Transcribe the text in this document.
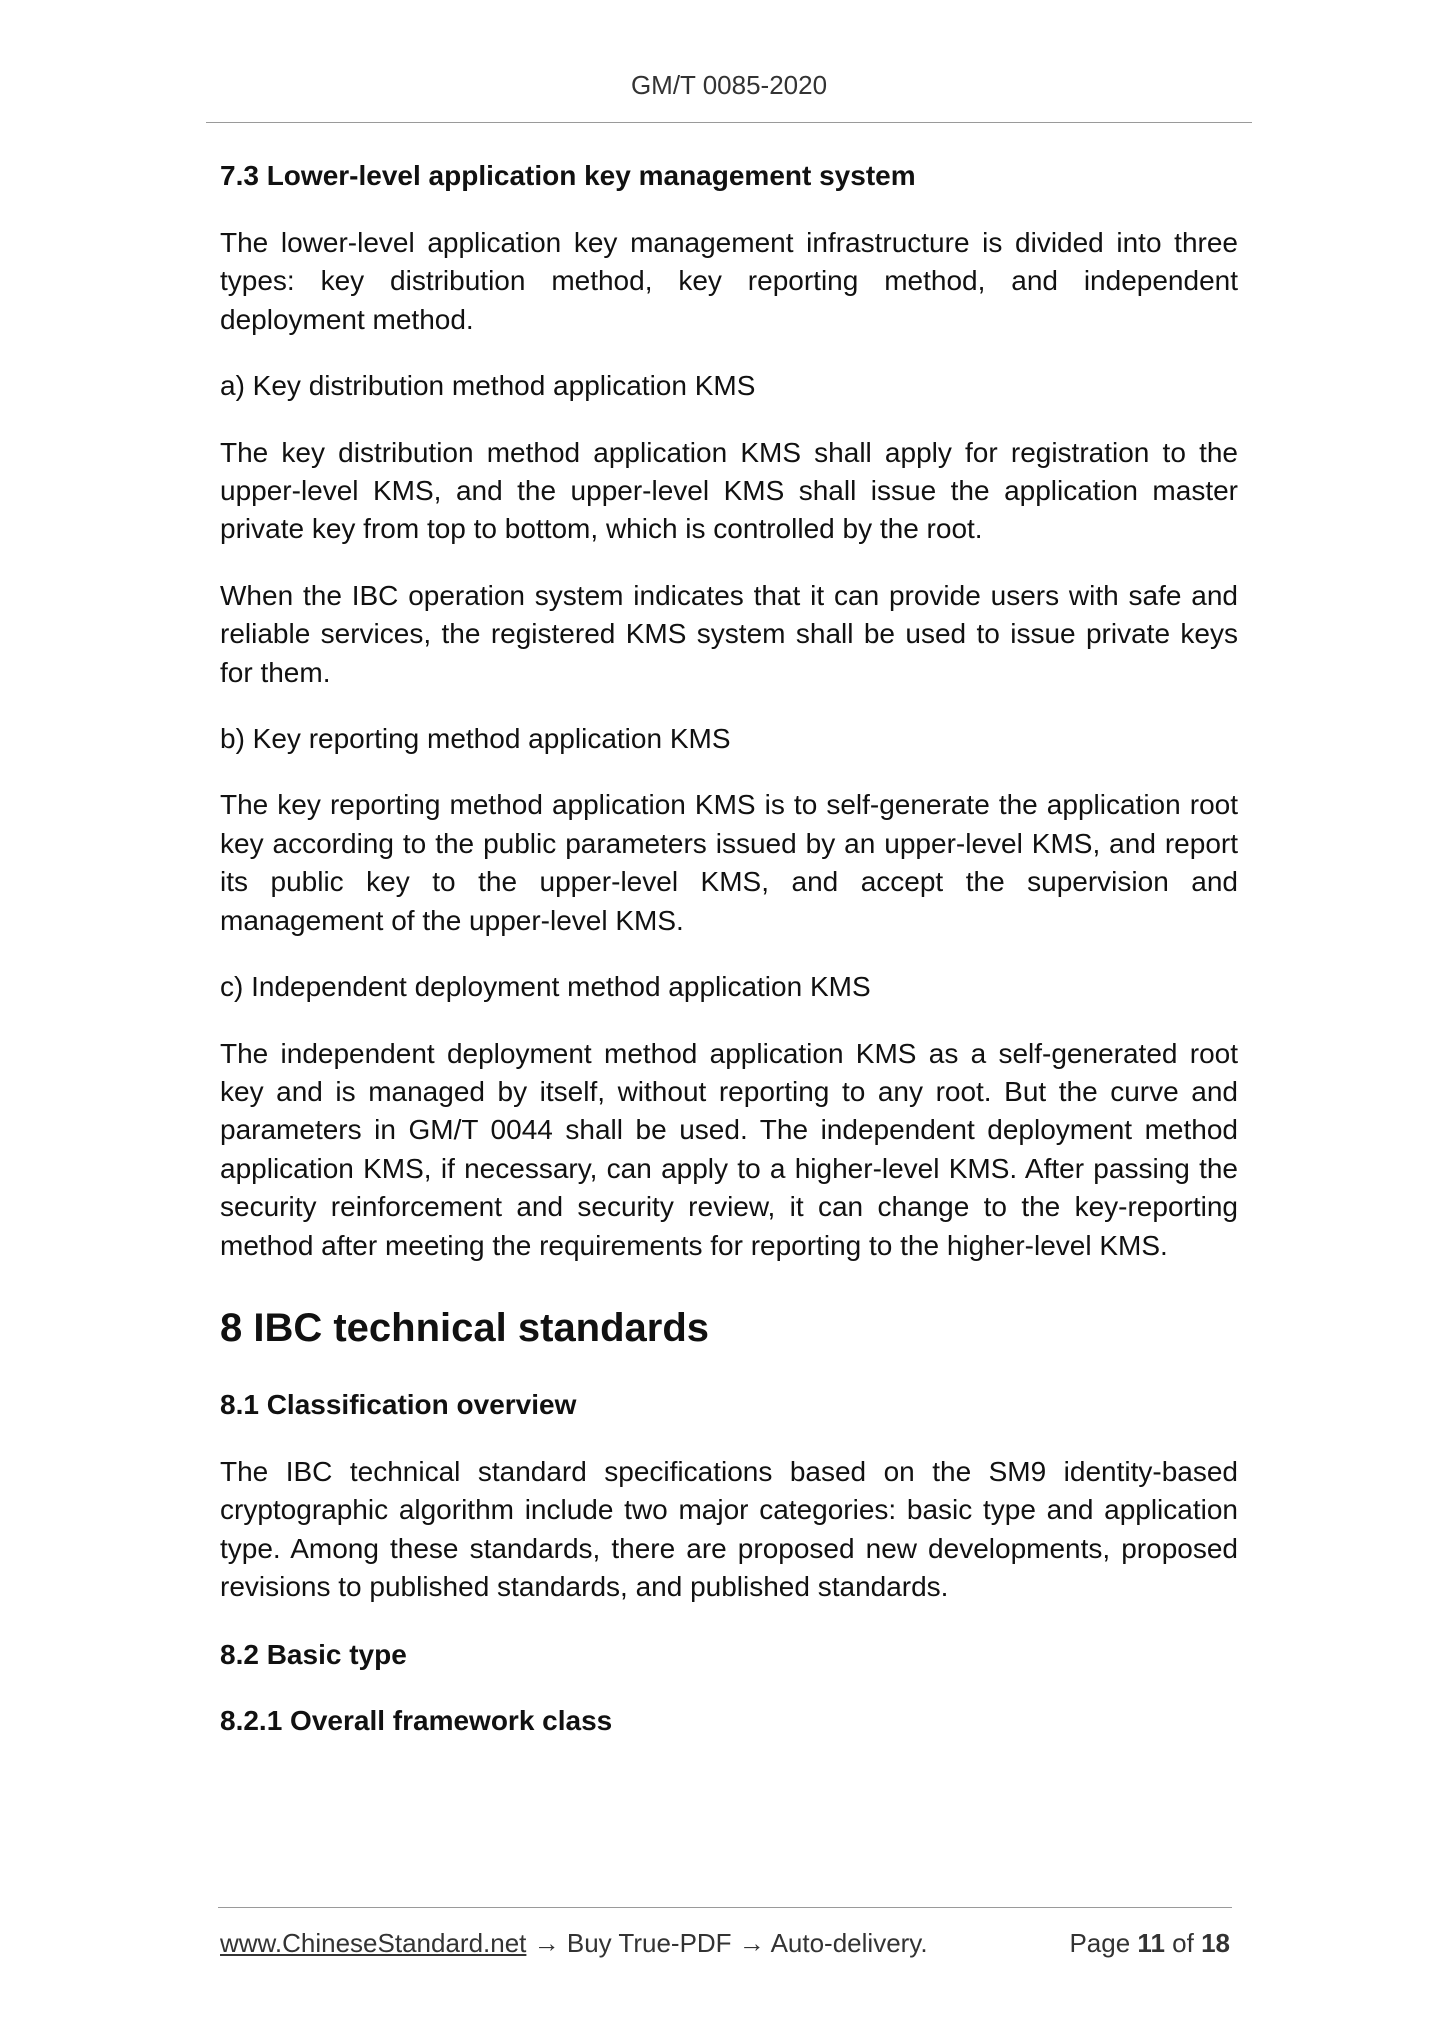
GM/T 0085-2020
7.3 Lower-level application key management system

The lower-level application key management infrastructure is divided into three types: key distribution method, key reporting method, and independent deployment method.

a) Key distribution method application KMS

The key distribution method application KMS shall apply for registration to the upper-level KMS, and the upper-level KMS shall issue the application master private key from top to bottom, which is controlled by the root.

When the IBC operation system indicates that it can provide users with safe and reliable services, the registered KMS system shall be used to issue private keys for them.

b) Key reporting method application KMS

The key reporting method application KMS is to self-generate the application root key according to the public parameters issued by an upper-level KMS, and report its public key to the upper-level KMS, and accept the supervision and management of the upper-level KMS.

c) Independent deployment method application KMS

The independent deployment method application KMS as a self-generated root key and is managed by itself, without reporting to any root. But the curve and parameters in GM/T 0044 shall be used. The independent deployment method application KMS, if necessary, can apply to a higher-level KMS. After passing the security reinforcement and security review, it can change to the key-reporting method after meeting the requirements for reporting to the higher-level KMS.

8 IBC technical standards
8.1 Classification overview

The IBC technical standard specifications based on the SM9 identity-based cryptographic algorithm include two major categories: basic type and application type. Among these standards, there are proposed new developments, proposed revisions to published standards, and published standards.

8.2 Basic type
8.2.1 Overall framework class
www.ChineseStandard.net → Buy True-PDF → Auto-delivery.	Page 11 of 18
